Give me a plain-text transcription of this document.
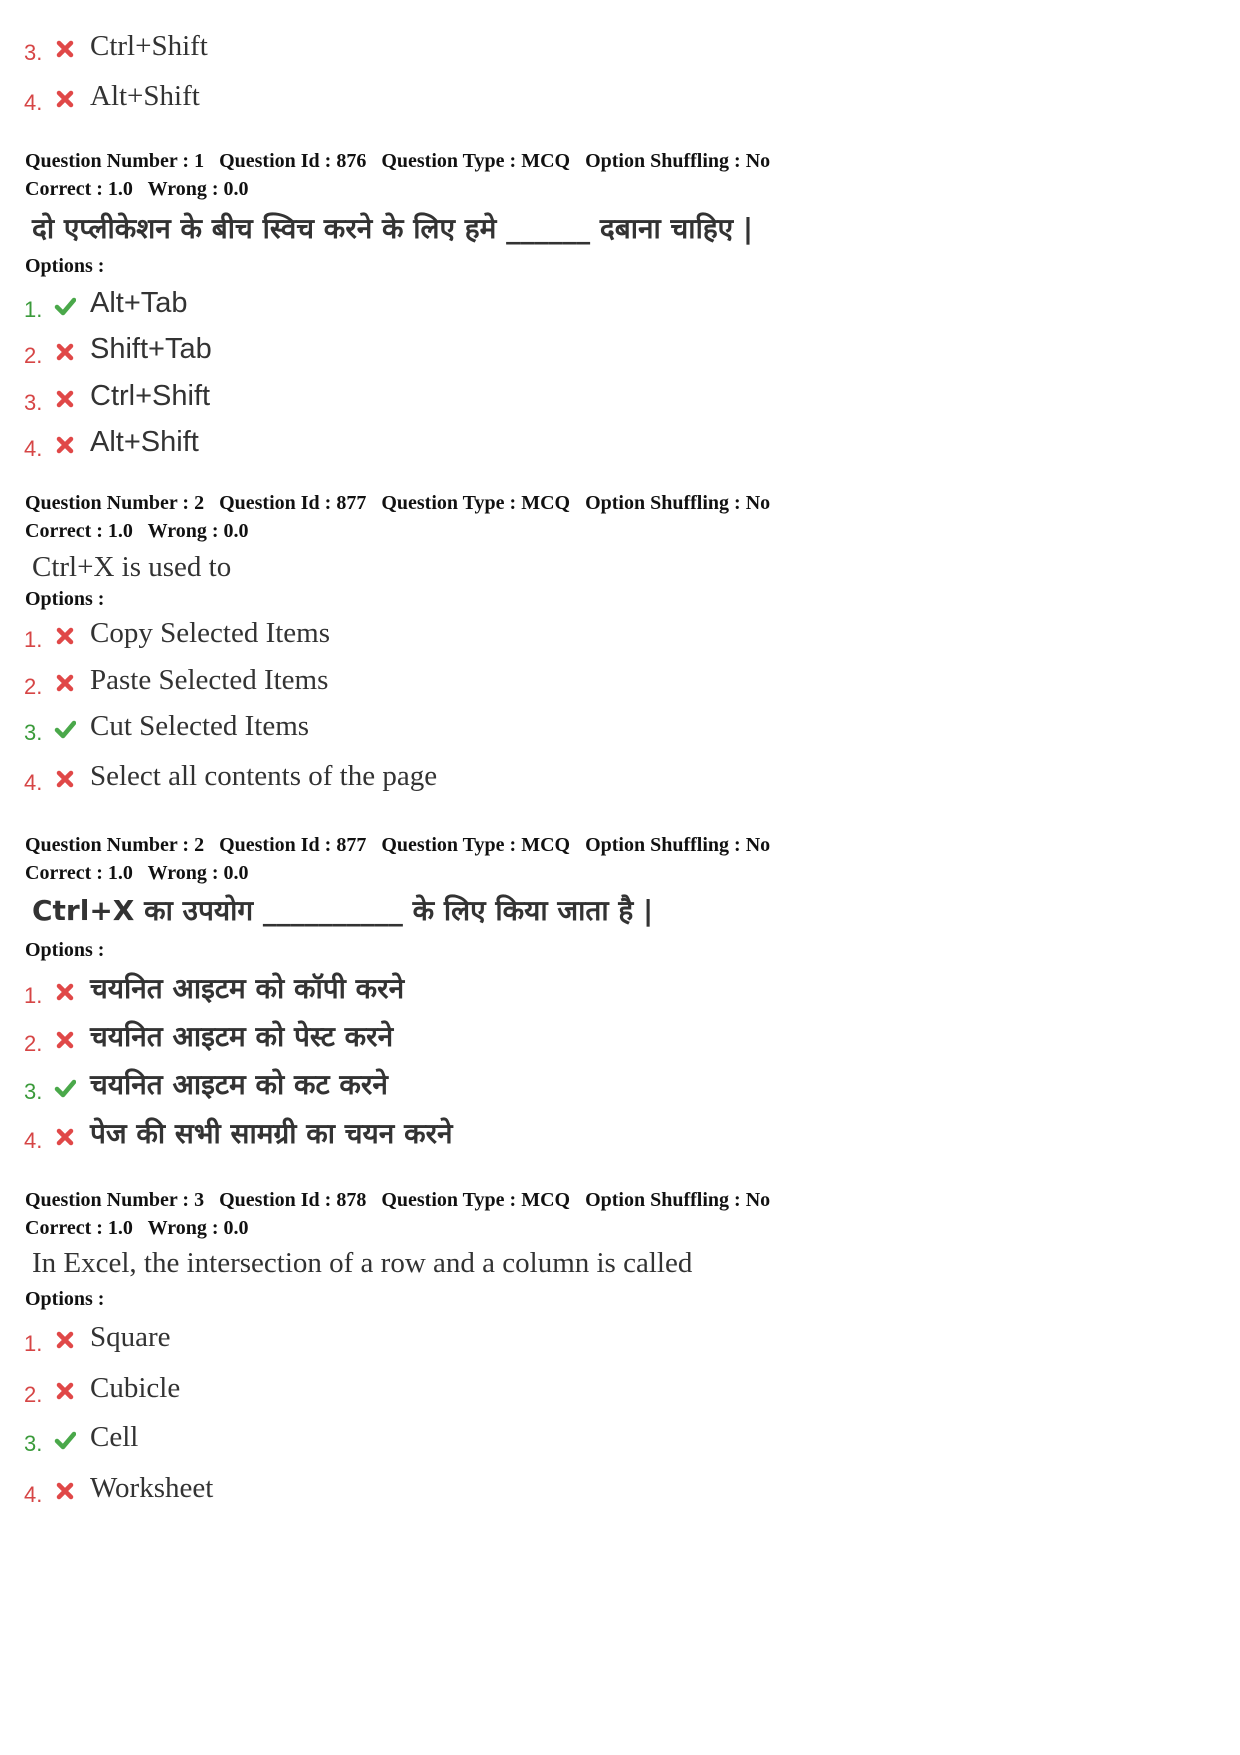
3. Ctrl+Shift
4. Alt+Shift
Question Number : 1 Question Id : 876 Question Type : MCQ Option Shuffling : No
Correct : 1.0 Wrong : 0.0
दो एप्लीकेशन के बीच स्विच करने के लिए हमे ______ दबाना चाहिए |
Options :
1. Alt+Tab
2. Shift+Tab
3. Ctrl+Shift
4. Alt+Shift
Question Number : 2 Question Id : 877 Question Type : MCQ Option Shuffling : No
Correct : 1.0 Wrong : 0.0
Ctrl+X is used to
Options :
1. Copy Selected Items
2. Paste Selected Items
3. Cut Selected Items
4. Select all contents of the page
Question Number : 2 Question Id : 877 Question Type : MCQ Option Shuffling : No
Correct : 1.0 Wrong : 0.0
Ctrl+X का उपयोग __________ के लिए किया जाता है |
Options :
1. चयनित आइटम को कॉपी करने
2. चयनित आइटम को पेस्ट करने
3. चयनित आइटम को कट करने
4. पेज की सभी सामग्री का चयन करने
Question Number : 3 Question Id : 878 Question Type : MCQ Option Shuffling : No
Correct : 1.0 Wrong : 0.0
In Excel, the intersection of a row and a column is called
Options :
1. Square
2. Cubicle
3. Cell
4. Worksheet
